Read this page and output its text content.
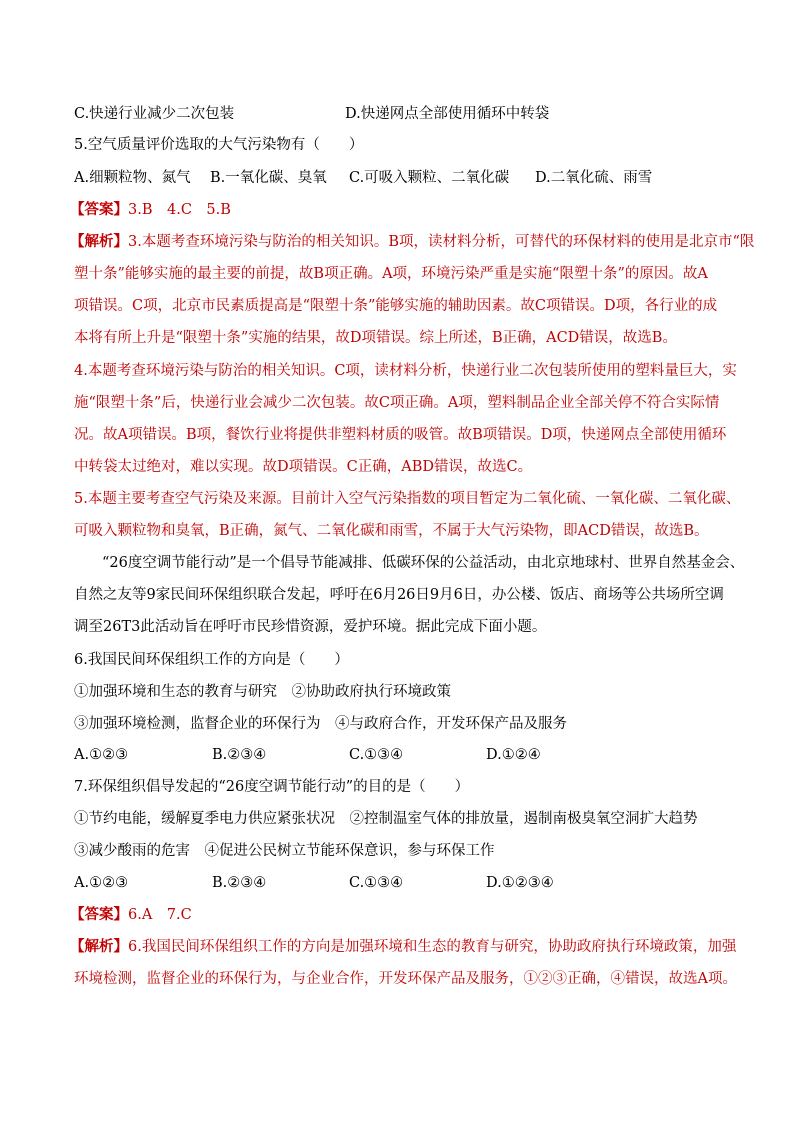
C.快递行业减少二次包装	D.快递网点全部使用循环中转袋
5.空气质量评价选取的大气污染物有（　　）
A.细颗粒物、氮气 B.一氧化碳、臭氧 C.可吸入颗粒、二氧化碳 D.二氧化硫、雨雪
【答案】3.B　4.C　5.B
【解析】3.本题考查环境污染与防治的相关知识。B项，读材料分析，可替代的环保材料的使用是北京市“限
塑十条”能够实施的最主要的前提，故B项正确。A项，环境污染严重是实施“限塑十条”的原因。故A
项错误。C项，北京市民素质提高是“限塑十条”能够实施的辅助因素。故C项错误。D项，各行业的成
本将有所上升是“限塑十条”实施的结果，故D项错误。综上所述，B正确，ACD错误，故选B。
4.本题考查环境污染与防治的相关知识。C项，读材料分析，快递行业二次包装所使用的塑料量巨大，实
施“限塑十条”后，快递行业会减少二次包装。故C项正确。A项，塑料制品企业全部关停不符合实际情
况。故A项错误。B项，餐饮行业将提供非塑料材质的吸管。故B项错误。D项，快递网点全部使用循环
中转袋太过绝对，难以实现。故D项错误。C正确，ABD错误，故选C。
5.本题主要考查空气污染及来源。目前计入空气污染指数的项目暂定为二氧化硫、一氧化碳、二氧化碳、
可吸入颗粒物和臭氧，B正确，氮气、二氧化碳和雨雪，不属于大气污染物，即ACD错误，故选B。
“26度空调节能行动”是一个倡导节能减排、低碳环保的公益活动，由北京地球村、世界自然基金会、
自然之友等9家民间环保组织联合发起，呼吁在6月26日9月6日，办公楼、饭店、商场等公共场所空调
调至26T3此活动旨在呼吁市民珍惜资源，爱护环境。据此完成下面小题。
6.我国民间环保组织工作的方向是（　　）
①加强环境和生态的教育与研究　②协助政府执行环境政策
③加强环境检测，监督企业的环保行为　④与政府合作，开发环保产品及服务
A.①②③	B.②③④	C.①③④	D.①②④
7.环保组织倡导发起的“26度空调节能行动”的目的是（　　）
①节约电能，缓解夏季电力供应紧张状况　②控制温室气体的排放量，遏制南极臭氧空洞扩大趋势
③减少酸雨的危害　④促进公民树立节能环保意识，参与环保工作
A.①②③	B.②③④	C.①③④	D.①②③④
【答案】6.A　7.C
【解析】6.我国民间环保组织工作的方向是加强环境和生态的教育与研究，协助政府执行环境政策，加强
环境检测，监督企业的环保行为，与企业合作，开发环保产品及服务，①②③正确，④错误，故选A项。
